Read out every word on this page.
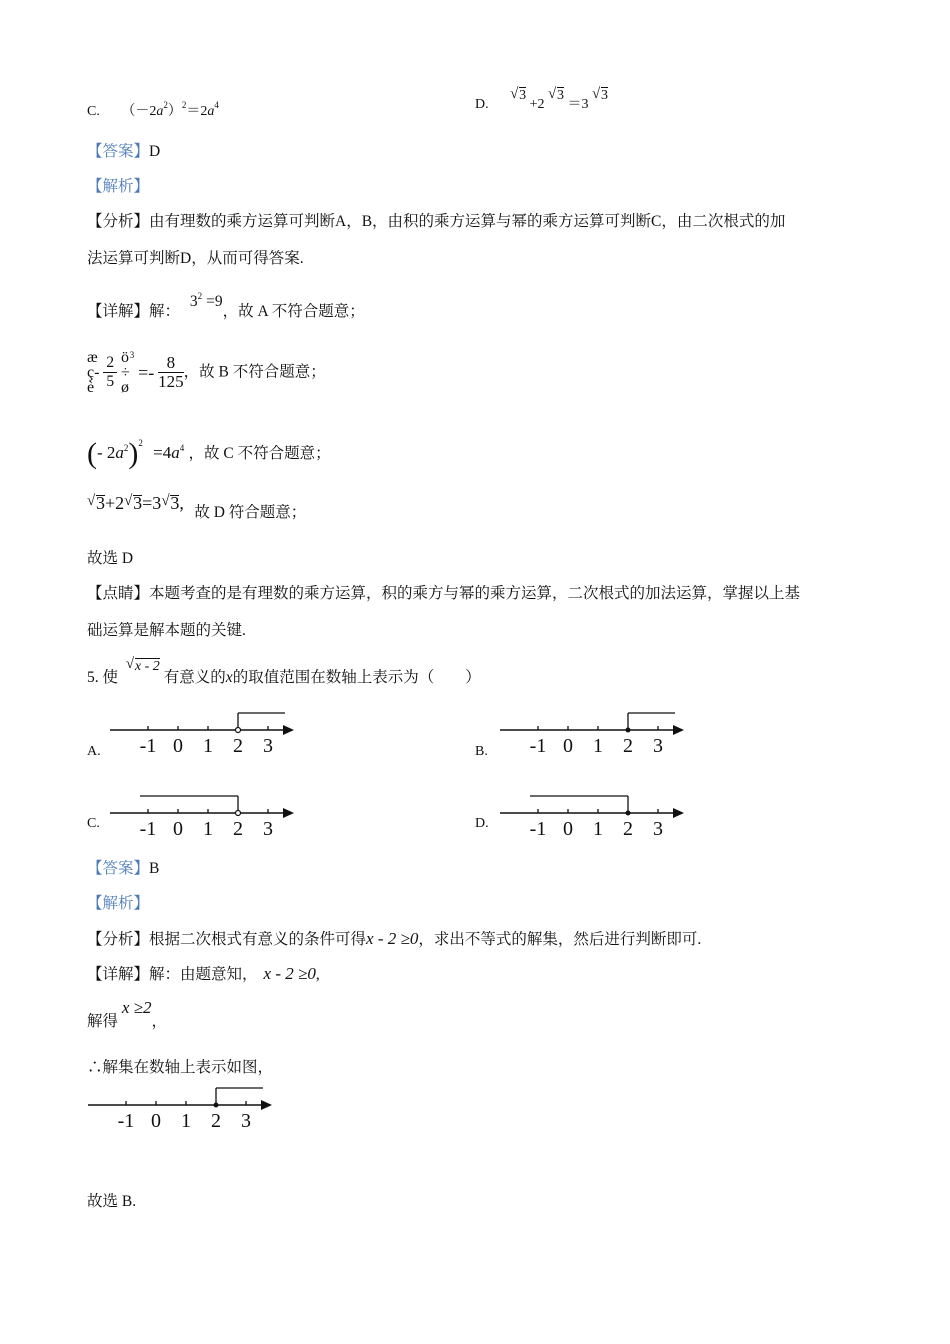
C. $(-2a^2)^2=2a^4$	D. √ 3 +2 √ 3 ＝3 √ 3
【答案】D
【解析】
【分析】由有理数的乘方运算可判断A，B，由积的乘方运算与幂的乘方运算可判断C，由二次根式的加
法运算可判断D，从而可得答案.
【详解】解： $3^2 =9$，故 A 不符合题意；
æ
ç-
è
$\frac{2}{5}$
ö
÷
ø
$^3 =- \frac{8}{125}$ ，故 B 不符合题意；
(- $2a^2)^2 =4a^4$ ，故 C 不符合题意；
√ 3+2 √ 3=3 √ 3, 故 D 符合题意；
故选 D
【点睛】本题考查的是有理数的乘方运算，积的乘方与幂的乘方运算，二次根式的加法运算，掌握以上基
础运算是解本题的关键.
5. 使 √ x - 2有意义的x的取值范围在数轴上表示为（　　）
A.	B.
C.	D.
-1 0 1 2 3	-1 0 1 2 3
-1 0 1 2 3	-1 0 1 2 3
【答案】B
【解析】
【分析】根据二次根式有意义的条件可得x - 2 ≥0，求出不等式的解集，然后进行判断即可.
【详解】解：由题意知， x - 2 ≥0,
解得 x ≥2，
∴解集在数轴上表示如图，
-1 0 1 2 3
故选 B.
